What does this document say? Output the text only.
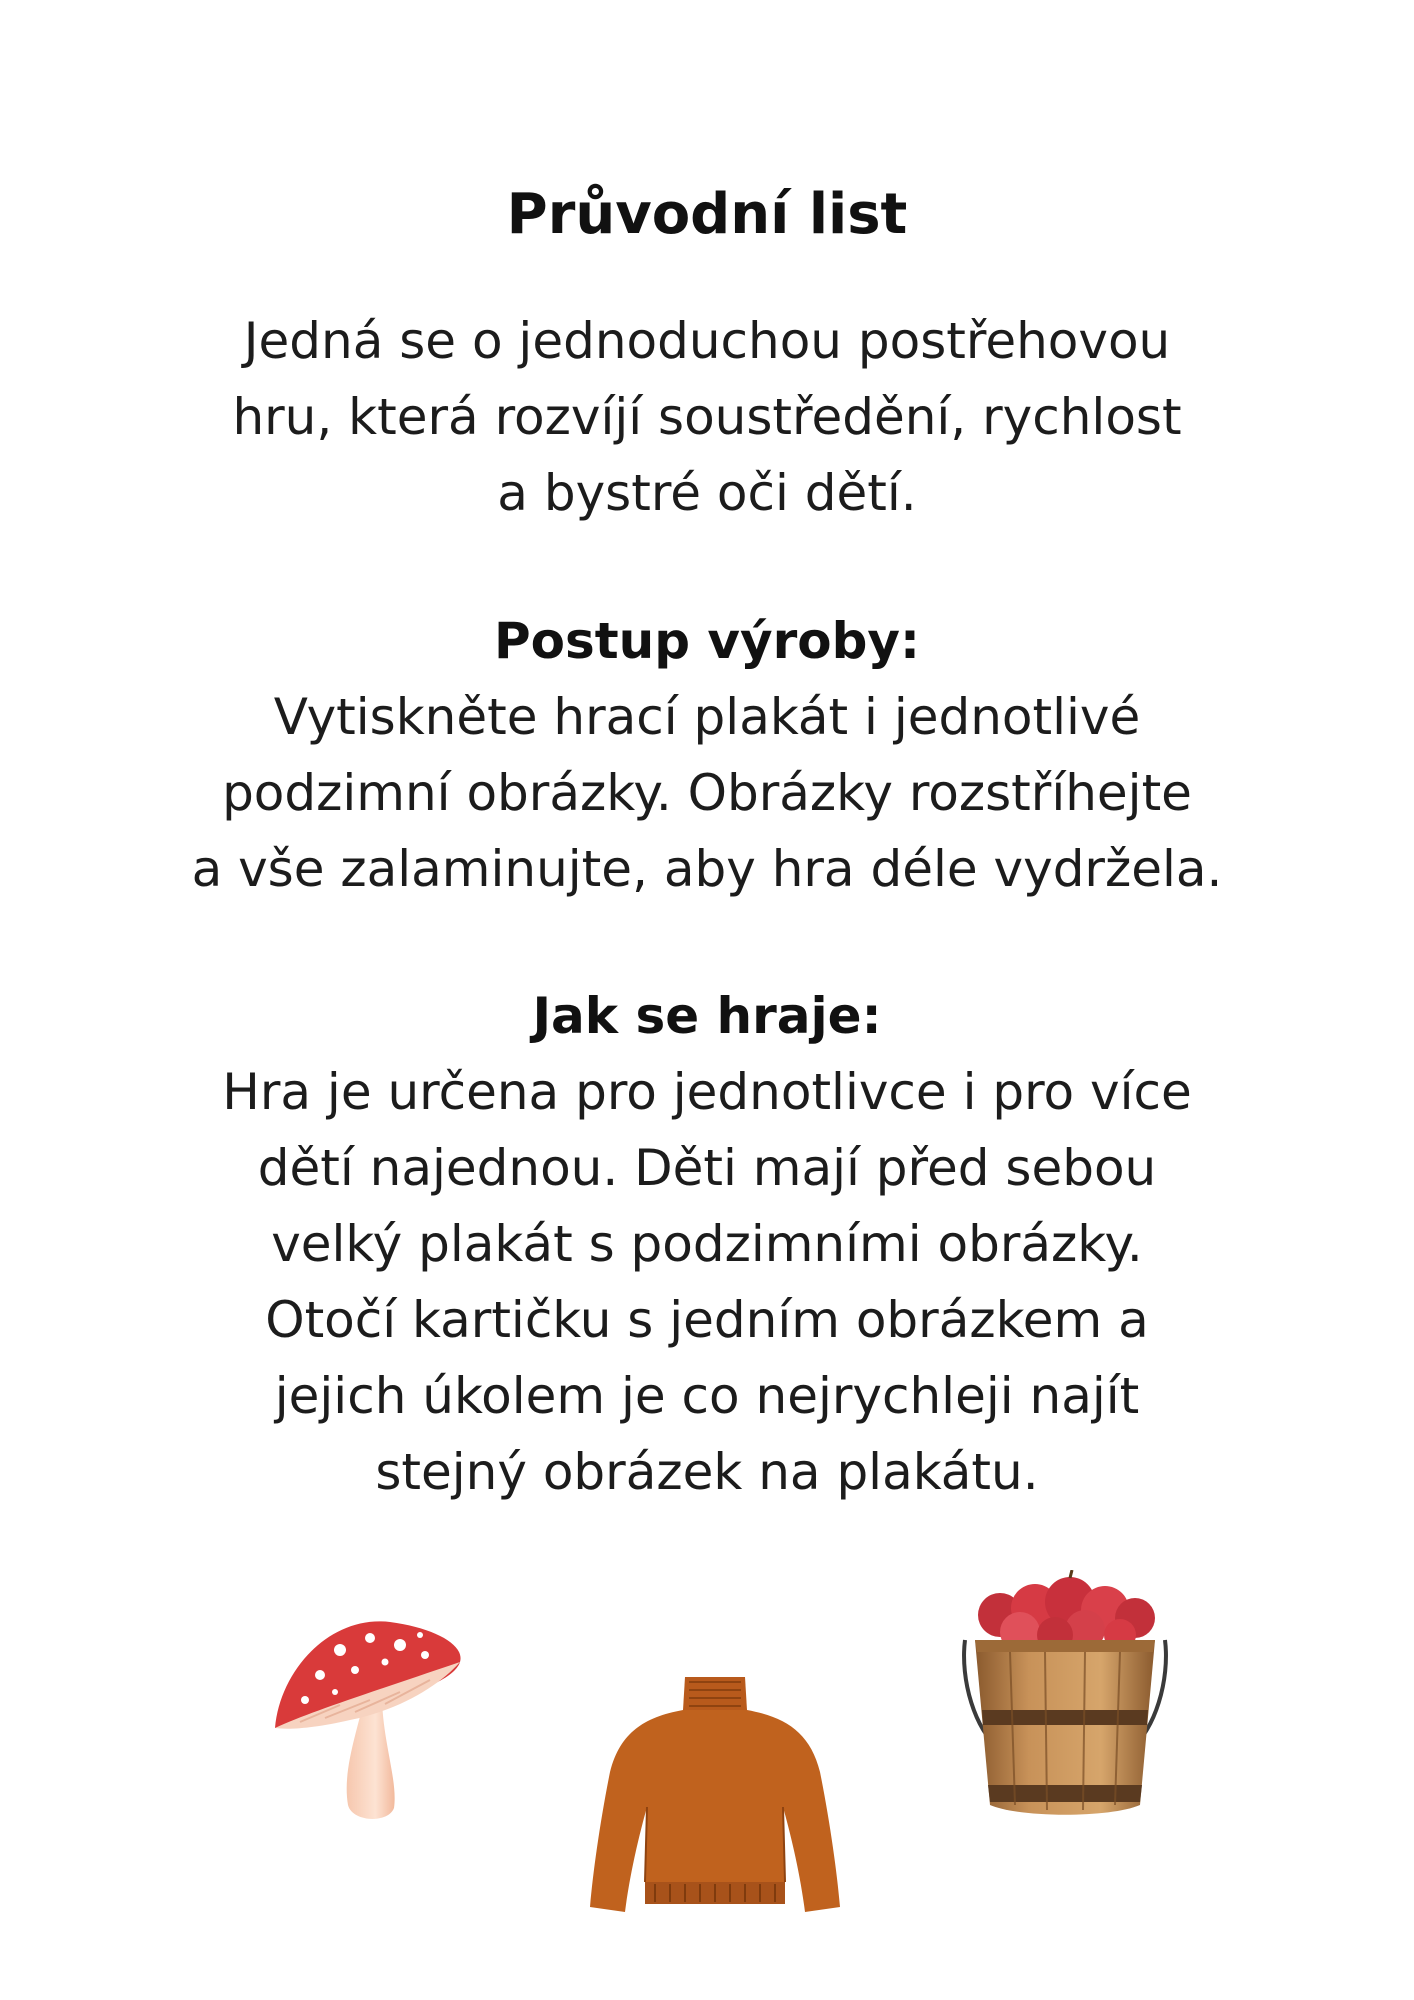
Průvodní list
Jedná se o jednoduchou postřehovou
hru, která rozvíjí soustředění, rychlost
a bystré oči dětí.
Postup výroby:
Vytiskněte hrací plakát i jednotlivé
podzimní obrázky. Obrázky rozstříhejte
a vše zalaminujte, aby hra déle vydržela.
Jak se hraje:
Hra je určena pro jednotlivce i pro více
dětí najednou. Děti mají před sebou
velký plakát s podzimními obrázky.
Otočí kartičku s jedním obrázkem a
jejich úkolem je co nejrychleji najít
stejný obrázek na plakátu.
